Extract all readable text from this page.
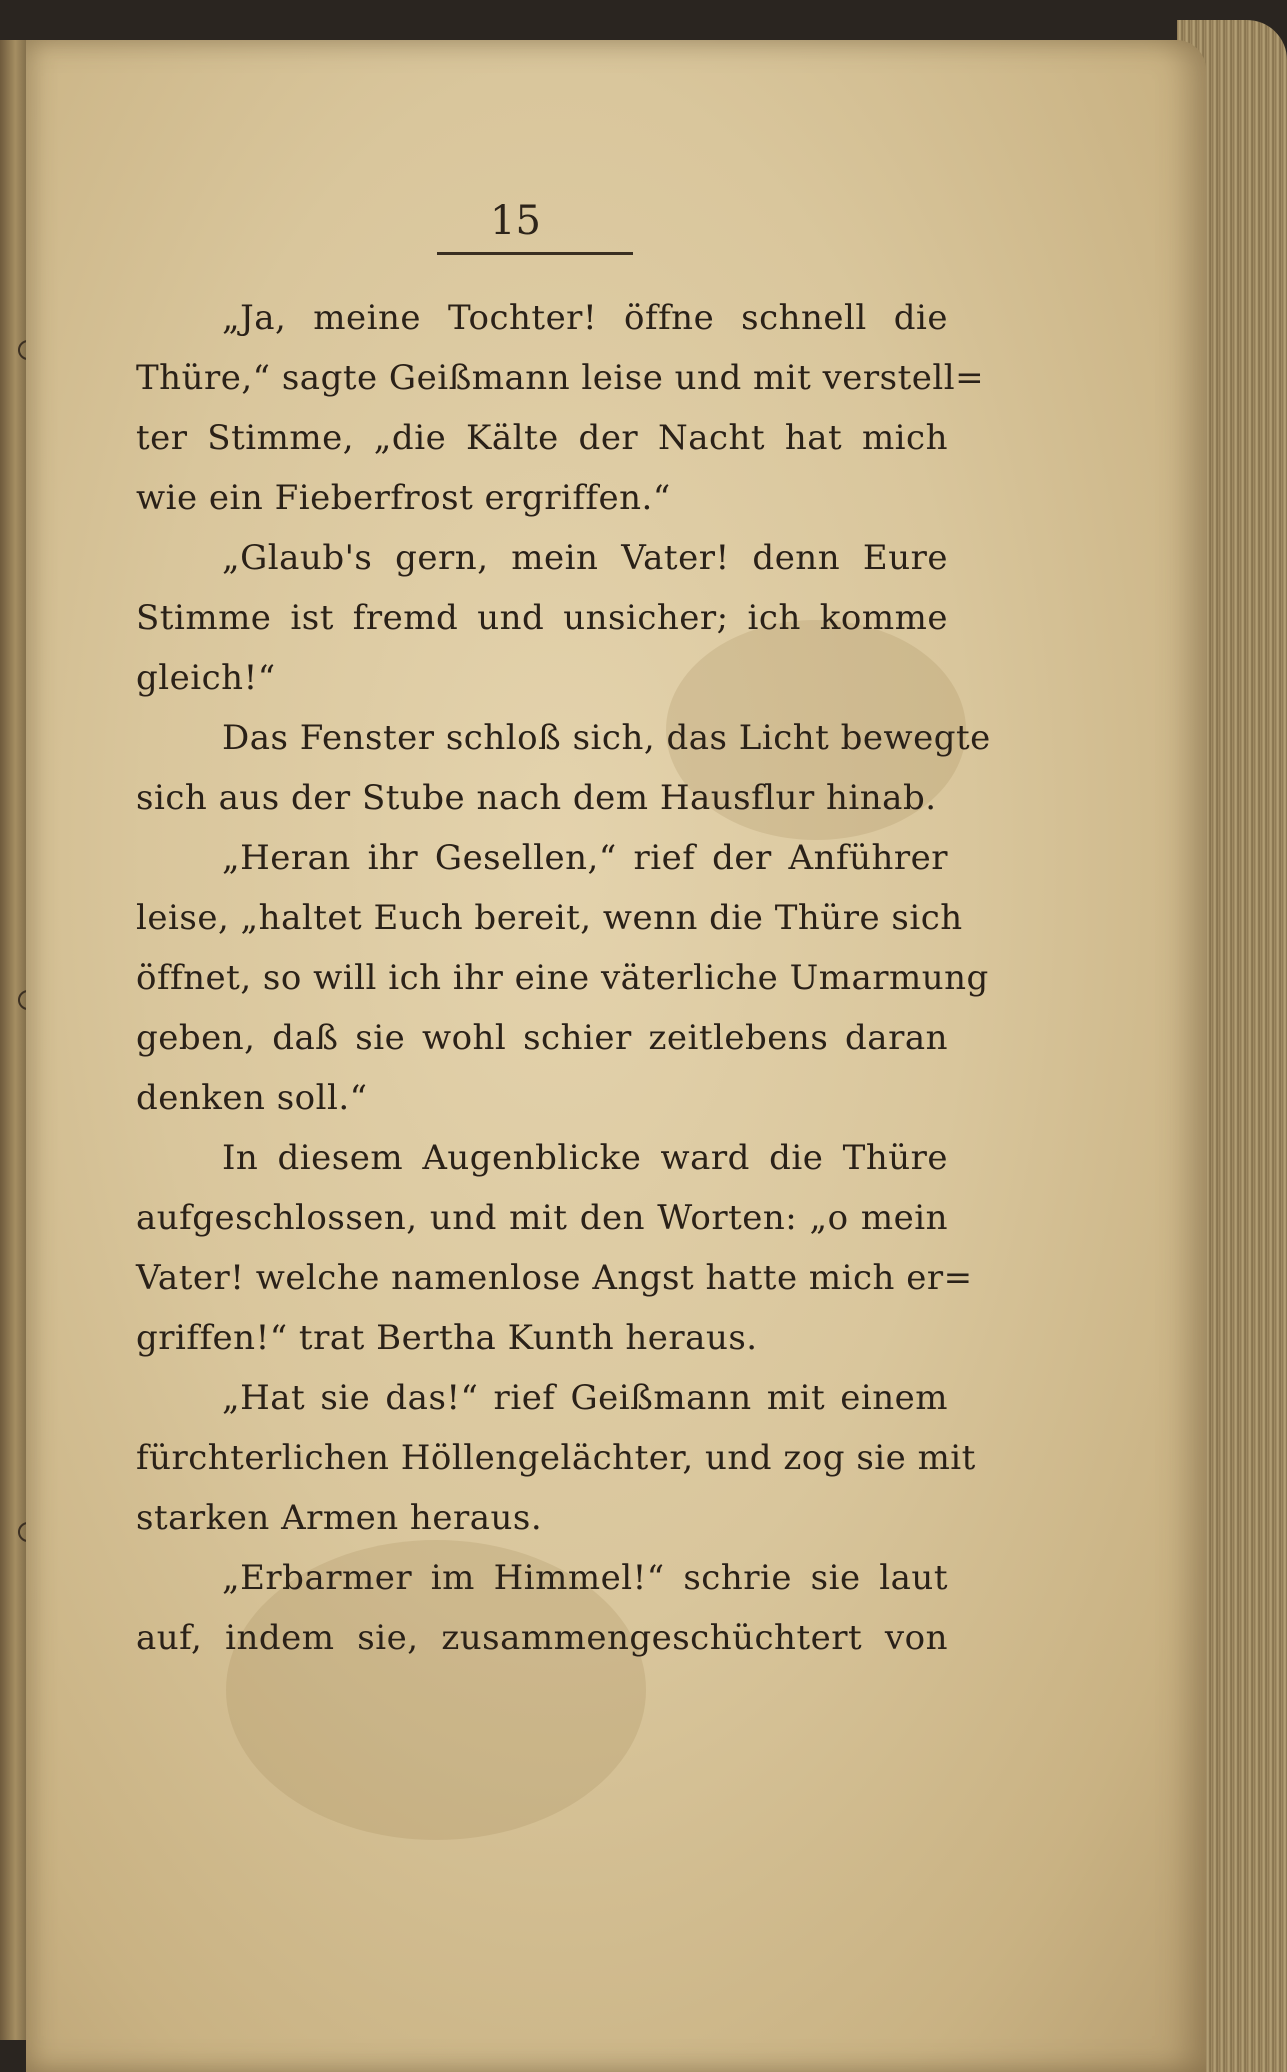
15
„Ja, meine Tochter! öffne schnell die
Thüre,“ sagte Geißmann leise und mit verstell=
ter Stimme, „die Kälte der Nacht hat mich
wie ein Fieberfrost ergriffen.“
„Glaub's gern, mein Vater! denn Eure
Stimme ist fremd und unsicher; ich komme
gleich!“
Das Fenster schloß sich, das Licht bewegte
sich aus der Stube nach dem Hausflur hinab.
„Heran ihr Gesellen,“ rief der Anführer
leise, „haltet Euch bereit, wenn die Thüre sich
öffnet, so will ich ihr eine väterliche Umarmung
geben, daß sie wohl schier zeitlebens daran
denken soll.“
In diesem Augenblicke ward die Thüre
aufgeschlossen, und mit den Worten: „o mein
Vater! welche namenlose Angst hatte mich er=
griffen!“ trat Bertha Kunth heraus.
„Hat sie das!“ rief Geißmann mit einem
fürchterlichen Höllengelächter, und zog sie mit
starken Armen heraus.
„Erbarmer im Himmel!“ schrie sie laut
auf, indem sie, zusammengeschüchtert von
